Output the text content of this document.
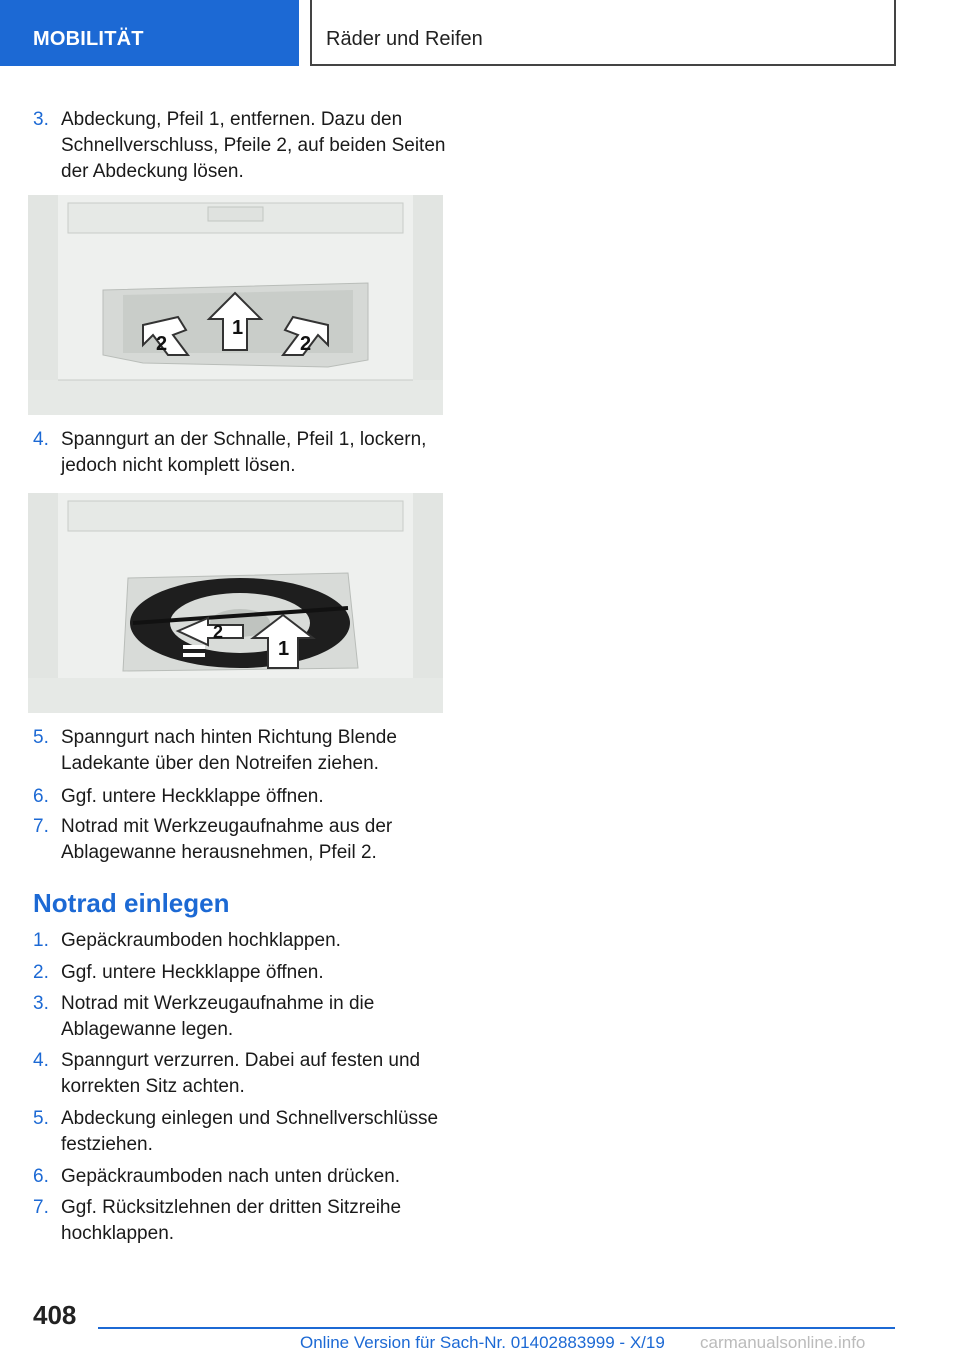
MOBILITÄT	Räder und Reifen
3. Abdeckung, Pfeil 1, entfernen. Dazu den Schnellverschluss, Pfeile 2, auf beiden Seiten der Abdeckung lösen.
1
2	2
4. Spanngurt an der Schnalle, Pfeil 1, lockern, jedoch nicht komplett lösen.
1
2
5. Spanngurt nach hinten Richtung Blende Ladekante über den Notreifen ziehen.
6. Ggf. untere Heckklappe öffnen.
7. Notrad mit Werkzeugaufnahme aus der Ablagewanne herausnehmen, Pfeil 2.
Notrad einlegen
1. Gepäckraumboden hochklappen.
2. Ggf. untere Heckklappe öffnen.
3. Notrad mit Werkzeugaufnahme in die Ablagewanne legen.
4. Spanngurt verzurren. Dabei auf festen und korrekten Sitz achten.
5. Abdeckung einlegen und Schnellverschlüsse festziehen.
6. Gepäckraumboden nach unten drücken.
7. Ggf. Rücksitzlehnen der dritten Sitzreihe hochklappen.
408
Online Version für Sach-Nr. 01402883999 - X/19	carmanualsonline.info
